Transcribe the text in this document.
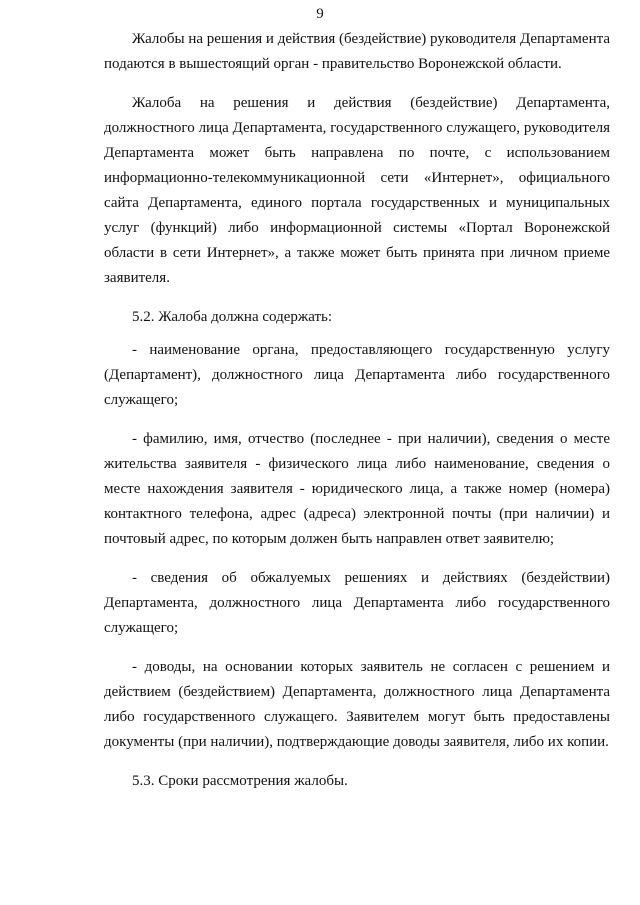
9

Жалобы на решения и действия (бездействие) руководителя Департамента подаются в вышестоящий орган - правительство Воронежской области.

Жалоба на решения и действия (бездействие) Департамента, должностного лица Департамента, государственного служащего, руководителя Департамента может быть направлена по почте, с использованием информационно-телекоммуникационной сети «Интернет», официального сайта Департамента, единого портала государственных и муниципальных услуг (функций) либо информационной системы «Портал Воронежской области в сети Интернет», а также может быть принята при личном приеме заявителя.

5.2. Жалоба должна содержать:

- наименование органа, предоставляющего государственную услугу (Департамент), должностного лица Департамента либо государственного служащего;

- фамилию, имя, отчество (последнее - при наличии), сведения о месте жительства заявителя - физического лица либо наименование, сведения о месте нахождения заявителя - юридического лица, а также номер (номера) контактного телефона, адрес (адреса) электронной почты (при наличии) и почтовый адрес, по которым должен быть направлен ответ заявителю;

- сведения об обжалуемых решениях и действиях (бездействии) Департамента, должностного лица Департамента либо государственного служащего;

- доводы, на основании которых заявитель не согласен с решением и действием (бездействием) Департамента, должностного лица Департамента либо государственного служащего. Заявителем могут быть предоставлены документы (при наличии), подтверждающие доводы заявителя, либо их копии.

5.3. Сроки рассмотрения жалобы.
